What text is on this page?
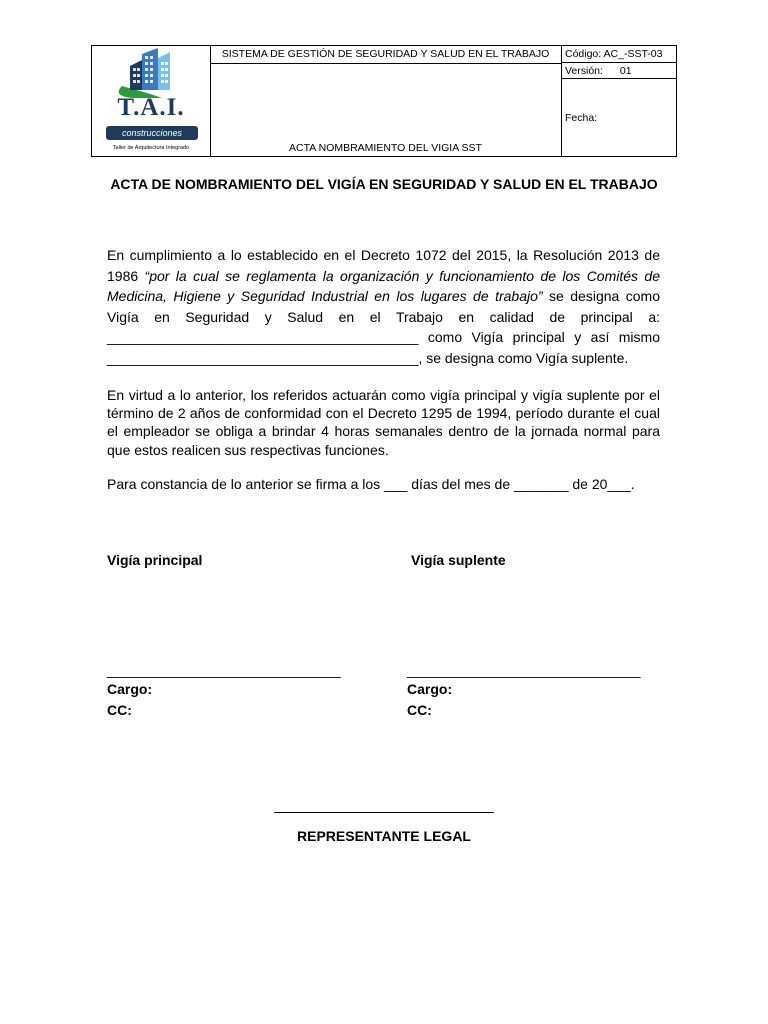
T.A.I.
construcciones
Taller de Arquitectura Integrado
SISTEMA DE GESTIÓN DE SEGURIDAD Y SALUD EN EL TRABAJO
ACTA NOMBRAMIENTO DEL VIGIA SST
Código: AC_-SST-03
Versión: 01
Fecha:
ACTA DE NOMBRAMIENTO DEL VIGÍA EN SEGURIDAD Y SALUD EN EL TRABAJO
En cumplimiento a lo establecido en el Decreto 1072 del 2015, la Resolución 2013 de 1986 “por la cual se reglamenta la organización y funcionamiento de los Comités de Medicina, Higiene y Seguridad Industrial en los lugares de trabajo” se designa como Vigía en Seguridad y Salud en el Trabajo en calidad de principal a: ________________________________________ como Vigía principal y así mismo ________________________________________, se designa como Vigía suplente.
En virtud a lo anterior, los referidos actuarán como vigía principal y vigía suplente por el término de 2 años de conformidad con el Decreto 1295 de 1994, período durante el cual el empleador se obliga a brindar 4 horas semanales dentro de la jornada normal para que estos realicen sus respectivas funciones.
Para constancia de lo anterior se firma a los ___ días del mes de _______ de 20___.
Vigía principal	Vigía suplente
______________________________	______________________________
Cargo:	Cargo:
CC:	CC:
REPRESENTANTE LEGAL
